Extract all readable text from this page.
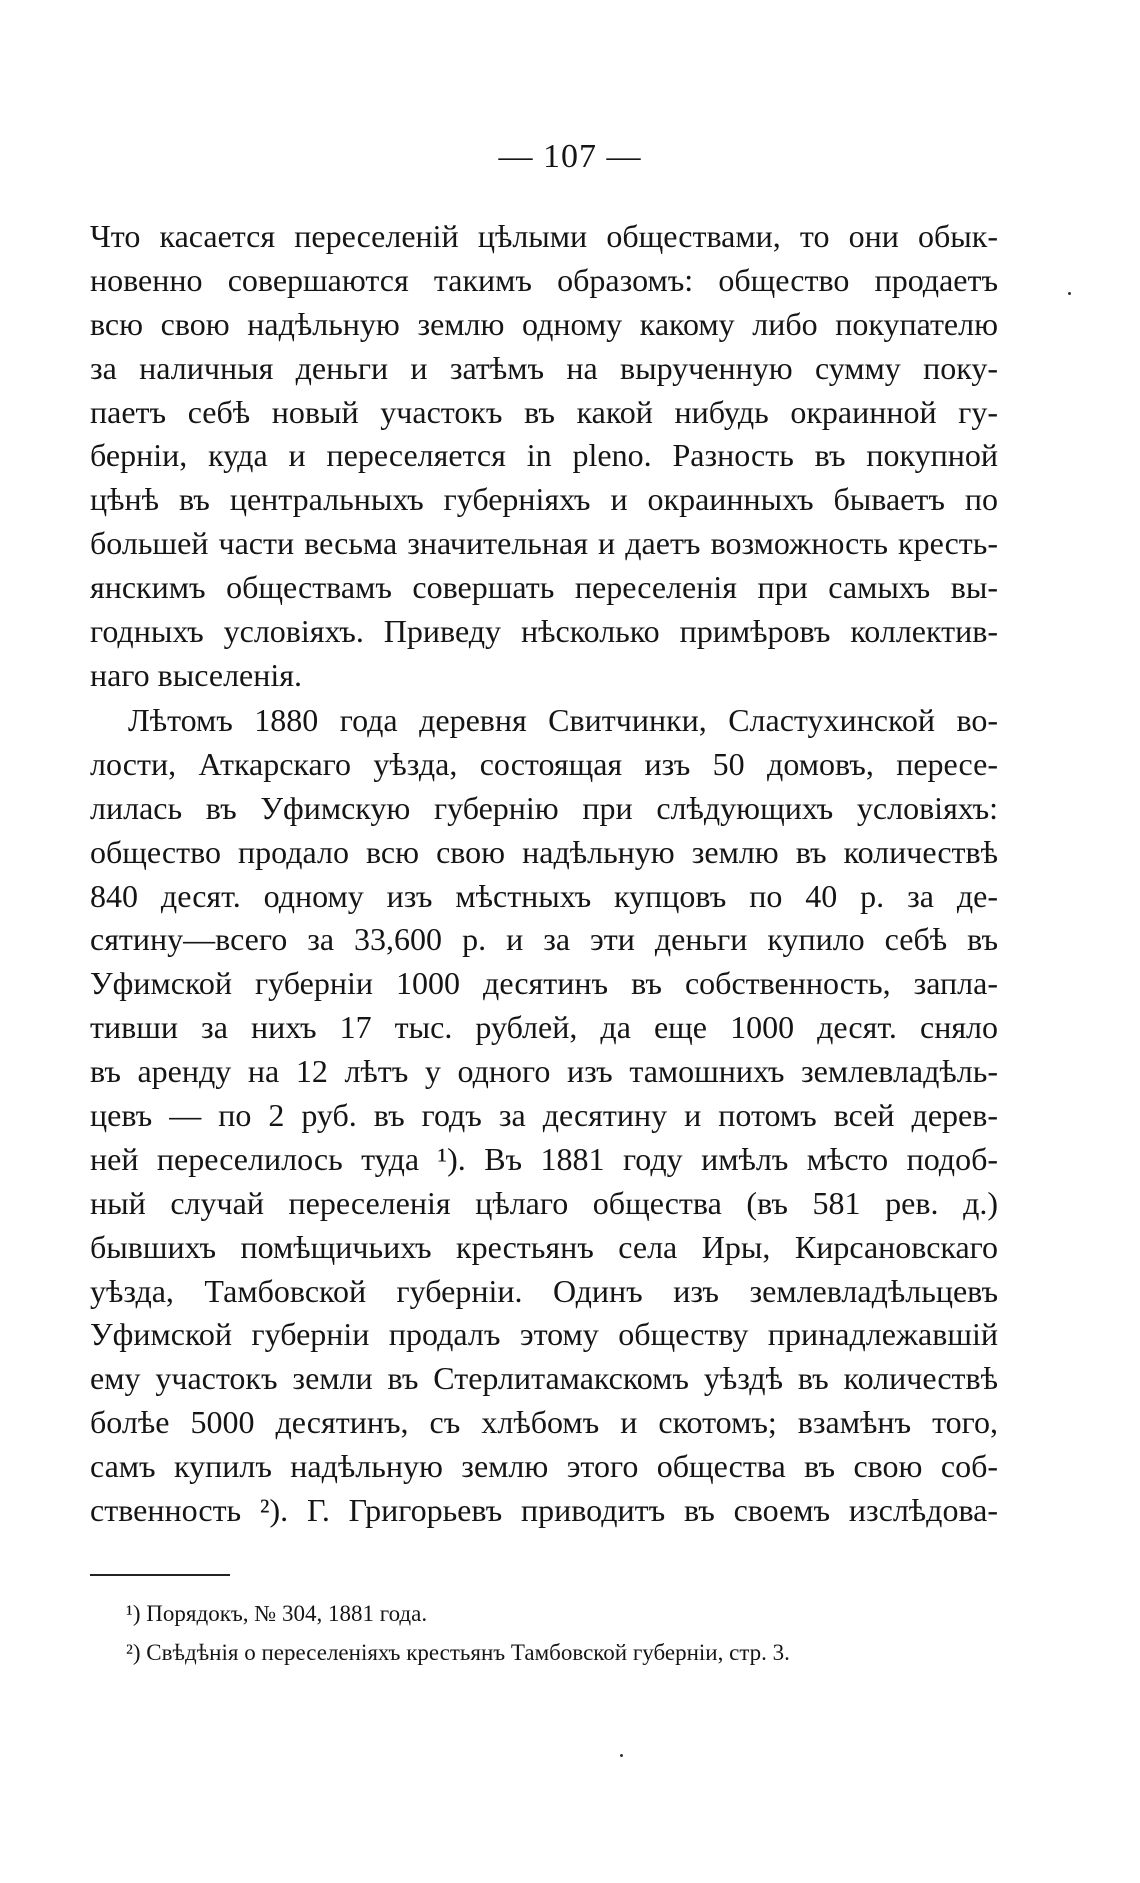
— 107 —
Что касается переселеній цѣлыми обществами, то они обык-
новенно совершаются такимъ образомъ: общество продаетъ
всю свою надѣльную землю одному какому либо покупателю
за наличныя деньги и затѣмъ на вырученную сумму поку-
паетъ себѣ новый участокъ въ какой нибудь окраинной гу-
берніи, куда и переселяется in pleno. Разность въ покупной
цѣнѣ въ центральныхъ губерніяхъ и окраинныхъ бываетъ по
большей части весьма значительная и даетъ возможность кресть-
янскимъ обществамъ совершать переселенія при самыхъ вы-
годныхъ условіяхъ. Приведу нѣсколько примѣровъ коллектив-
наго выселенія.
Лѣтомъ 1880 года деревня Свитчинки, Сластухинской во-
лости, Аткарскаго уѣзда, состоящая изъ 50 домовъ, пересе-
лилась въ Уфимскую губернію при слѣдующихъ условіяхъ:
общество продало всю свою надѣльную землю въ количествѣ
840 десят. одному изъ мѣстныхъ купцовъ по 40 р. за де-
сятину—всего за 33,600 р. и за эти деньги купило себѣ въ
Уфимской губерніи 1000 десятинъ въ собственность, запла-
тивши за нихъ 17 тыс. рублей, да еще 1000 десят. сняло
въ аренду на 12 лѣтъ у одного изъ тамошнихъ землевладѣль-
цевъ — по 2 руб. въ годъ за десятину и потомъ всей дерев-
ней переселилось туда ¹). Въ 1881 году имѣлъ мѣсто подоб-
ный случай переселенія цѣлаго общества (въ 581 рев. д.)
бывшихъ помѣщичьихъ крестьянъ села Иры, Кирсановскаго
уѣзда, Тамбовской губерніи. Одинъ изъ землевладѣльцевъ
Уфимской губерніи продалъ этому обществу принадлежавшій
ему участокъ земли въ Стерлитамакскомъ уѣздѣ въ количествѣ
болѣе 5000 десятинъ, съ хлѣбомъ и скотомъ; взамѣнъ того,
самъ купилъ надѣльную землю этого общества въ свою соб-
ственность ²). Г. Григорьевъ приводитъ въ своемъ изслѣдова-
¹) Порядокъ, № 304, 1881 года.
²) Свѣдѣнія о переселеніяхъ крестьянъ Тамбовской губерніи, стр. 3.
